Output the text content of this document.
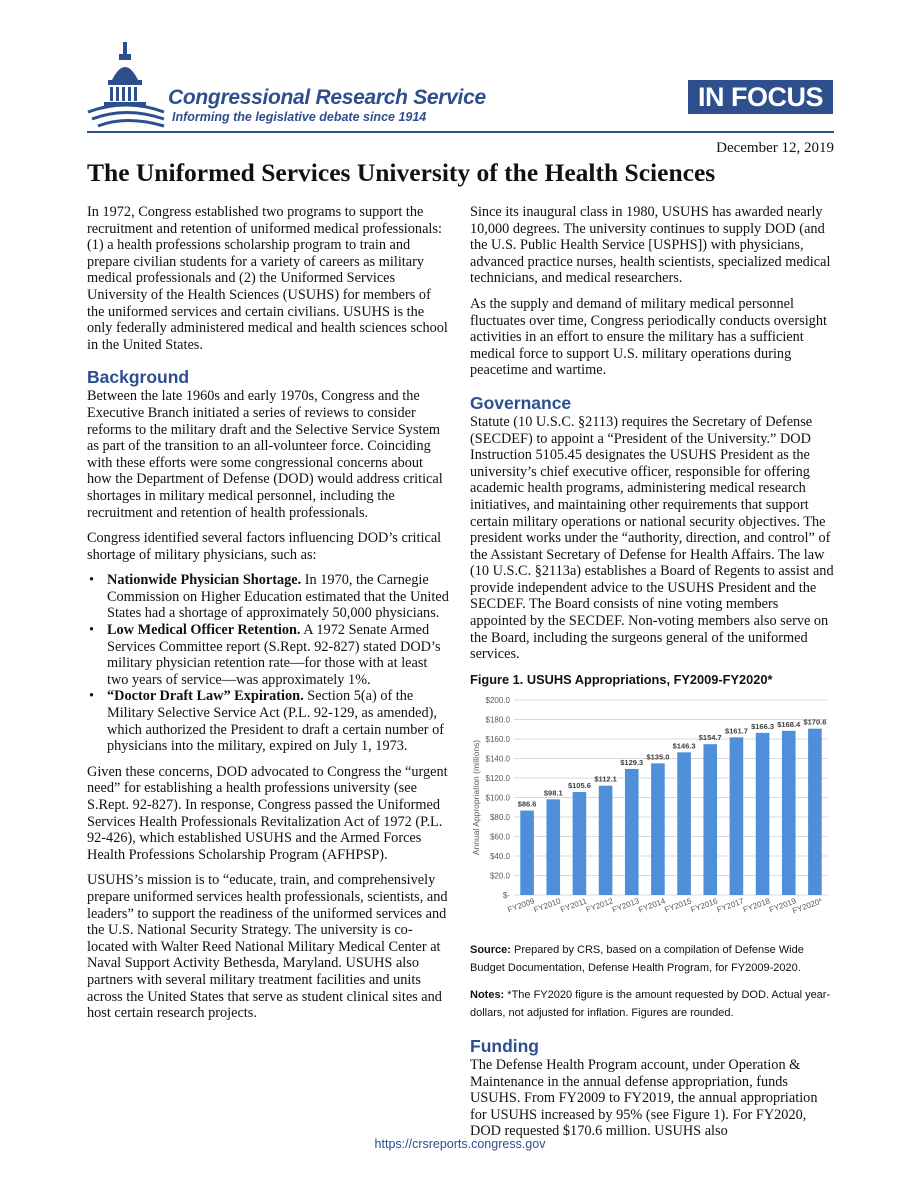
Congressional Research Service
Informing the legislative debate since 1914
IN FOCUS
December 12, 2019
The Uniformed Services University of the Health Sciences

In 1972, Congress established two programs to support the recruitment and retention of uniformed medical professionals: (1) a health professions scholarship program to train and prepare civilian students for a variety of careers as military medical professionals and (2) the Uniformed Services University of the Health Sciences (USUHS) for members of the uniformed services and certain civilians. USUHS is the only federally administered medical and health sciences school in the United States.

Background

Between the late 1960s and early 1970s, Congress and the Executive Branch initiated a series of reviews to consider reforms to the military draft and the Selective Service System as part of the transition to an all-volunteer force. Coinciding with these efforts were some congressional concerns about how the Department of Defense (DOD) would address critical shortages in military medical personnel, including the recruitment and retention of health professionals.

Congress identified several factors influencing DOD’s critical shortage of military physicians, such as:

• Nationwide Physician Shortage. In 1970, the Carnegie Commission on Higher Education estimated that the United States had a shortage of approximately 50,000 physicians.
• Low Medical Officer Retention. A 1972 Senate Armed Services Committee report (S.Rept. 92-827) stated DOD’s military physician retention rate—for those with at least two years of service—was approximately 1%.
• “Doctor Draft Law” Expiration. Section 5(a) of the Military Selective Service Act (P.L. 92-129, as amended), which authorized the President to draft a certain number of physicians into the military, expired on July 1, 1973.

Given these concerns, DOD advocated to Congress the “urgent need” for establishing a health professions university (see S.Rept. 92-827). In response, Congress passed the Uniformed Services Health Professionals Revitalization Act of 1972 (P.L. 92-426), which established USUHS and the Armed Forces Health Professions Scholarship Program (AFHPSP).

USUHS’s mission is to “educate, train, and comprehensively prepare uniformed services health professionals, scientists, and leaders” to support the readiness of the uniformed services and the U.S. National Security Strategy. The university is co-located with Walter Reed National Military Medical Center at Naval Support Activity Bethesda, Maryland. USUHS also partners with several military treatment facilities and units across the United States that serve as student clinical sites and host certain research projects.

Since its inaugural class in 1980, USUHS has awarded nearly 10,000 degrees. The university continues to supply DOD (and the U.S. Public Health Service [USPHS]) with physicians, advanced practice nurses, health scientists, specialized medical technicians, and medical researchers.

As the supply and demand of military medical personnel fluctuates over time, Congress periodically conducts oversight activities in an effort to ensure the military has a sufficient medical force to support U.S. military operations during peacetime and wartime.

Governance

Statute (10 U.S.C. §2113) requires the Secretary of Defense (SECDEF) to appoint a “President of the University.” DOD Instruction 5105.45 designates the USUHS President as the university’s chief executive officer, responsible for offering academic health programs, administering medical research initiatives, and maintaining other requirements that support certain military operations or national security objectives. The president works under the “authority, direction, and control” of the Assistant Secretary of Defense for Health Affairs. The law (10 U.S.C. §2113a) establishes a Board of Regents to assist and provide independent advice to the USUHS President and the SECDEF. The Board consists of nine voting members appointed by the SECDEF. Non-voting members also serve on the Board, including the surgeons general of the uniformed services.

Figure 1. USUHS Appropriations, FY2009-FY2020*
$-
$20.0
$40.0
$60.0
$80.0
$100.0
$120.0
$140.0
$160.0
$180.0
$200.0
Annual Appropriation (millions)	$86.6
FY2009
$98.1
FY2010
$105.6
FY2011
$112.1
FY2012
$129.3
FY2013
$135.0
FY2014
$146.3
FY2015
$154.7
FY2016
$161.7
FY2017
$166.3
FY2018
$168.4
FY2019
$170.6
FY2020*

Source: Prepared by CRS, based on a compilation of Defense Wide Budget Documentation, Defense Health Program, for FY2009-2020.

Notes: *The FY2020 figure is the amount requested by DOD. Actual year-dollars, not adjusted for inflation. Figures are rounded.

Funding

The Defense Health Program account, under Operation & Maintenance in the annual defense appropriation, funds USUHS. From FY2009 to FY2019, the annual appropriation for USUHS increased by 95% (see Figure 1). For FY2020, DOD requested $170.6 million. USUHS also

https://crsreports.congress.gov
